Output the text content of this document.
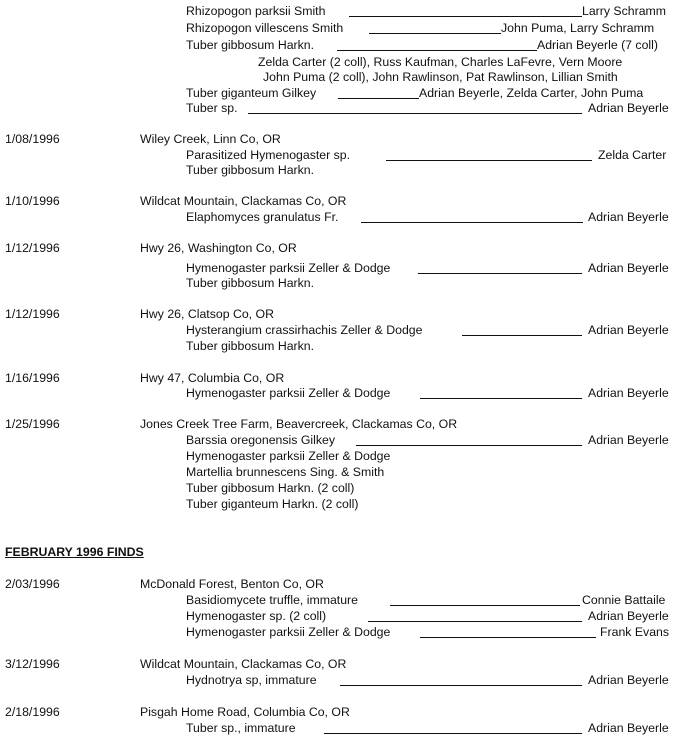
Rhizopogon parksii Smith	Larry Schramm
Rhizopogon villescens Smith	John Puma, Larry Schramm
Tuber gibbosum Harkn.	Adrian Beyerle (7 coll)
Zelda Carter (2 coll), Russ Kaufman, Charles LaFevre, Vern Moore
John Puma (2 coll), John Rawlinson, Pat Rawlinson, Lillian Smith
Tuber giganteum Gilkey	Adrian Beyerle, Zelda Carter, John Puma
Tuber sp.	Adrian Beyerle
1/08/1996	Wiley Creek, Linn Co, OR
Parasitized Hymenogaster sp.	Zelda Carter
Tuber gibbosum Harkn.
1/10/1996	Wildcat Mountain, Clackamas Co, OR
Elaphomyces granulatus Fr.	Adrian Beyerle
1/12/1996	Hwy 26, Washington Co, OR
Hymenogaster parksii Zeller & Dodge	Adrian Beyerle
Tuber gibbosum Harkn.
1/12/1996	Hwy 26, Clatsop Co, OR
Hysterangium crassirhachis Zeller & Dodge	Adrian Beyerle
Tuber gibbosum Harkn.
1/16/1996	Hwy 47, Columbia Co, OR
Hymenogaster parksii Zeller & Dodge	Adrian Beyerle
1/25/1996	Jones Creek Tree Farm, Beavercreek, Clackamas Co, OR
Barssia oregonensis Gilkey	Adrian Beyerle
Hymenogaster parksii Zeller & Dodge
Martellia brunnescens Sing. & Smith
Tuber gibbosum Harkn. (2 coll)
Tuber giganteum Harkn. (2 coll)
FEBRUARY 1996 FINDS
2/03/1996	McDonald Forest, Benton Co, OR
Basidiomycete truffle, immature	Connie Battaile
Hymenogaster sp. (2 coll)	Adrian Beyerle
Hymenogaster parksii Zeller & Dodge	Frank Evans
3/12/1996	Wildcat Mountain, Clackamas Co, OR
Hydnotrya sp, immature	Adrian Beyerle
2/18/1996	Pisgah Home Road, Columbia Co, OR
Tuber sp., immature	Adrian Beyerle
